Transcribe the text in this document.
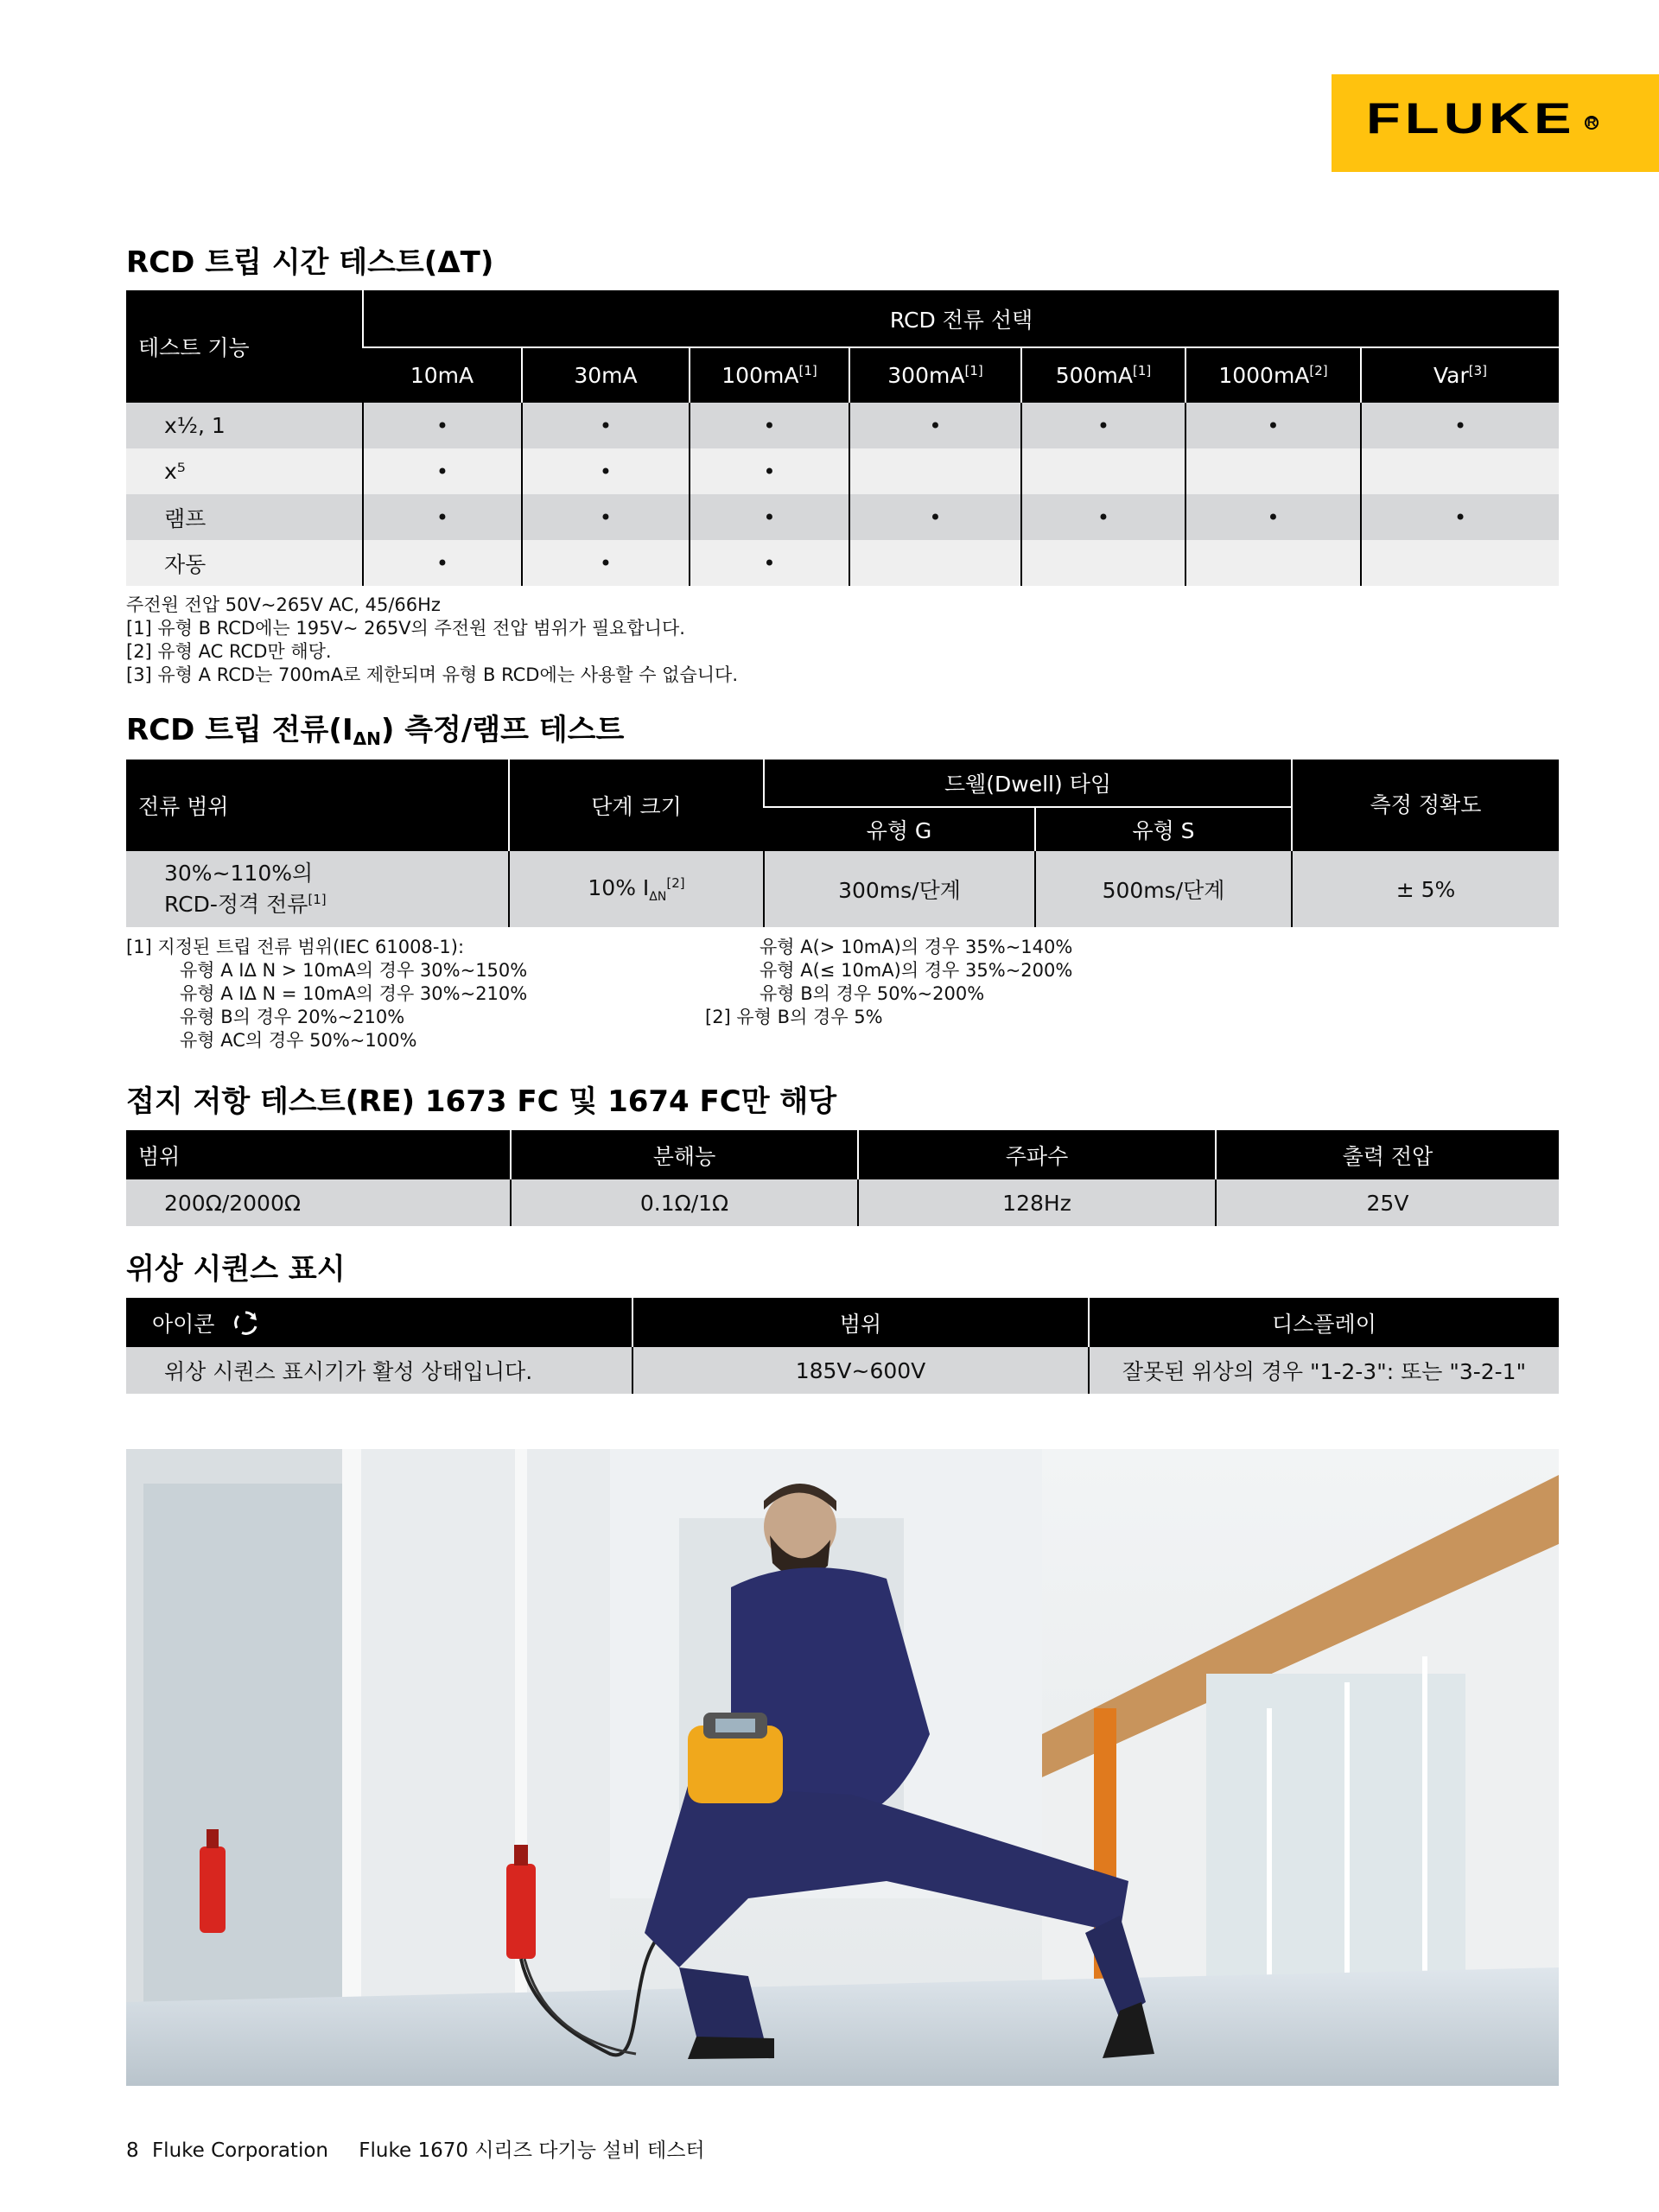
FLUKE R
RCD 트립 시간 테스트(ΔT)
테스트 기능	RCD 전류 선택						
	10mA	30mA	100mA[1]	300mA[1]	500mA[1]	1000mA[2]	Var[3]
x½, 1	•	•	•	•	•	•	•
x⁵	•	•	•				
램프	•	•	•	•	•	•	•
자동	•	•	•				
주전원 전압 50V~265V AC, 45/66Hz
[1] 유형 B RCD에는 195V~ 265V의 주전원 전압 범위가 필요합니다.
[2] 유형 AC RCD만 해당.
[3] 유형 A RCD는 700mA로 제한되며 유형 B RCD에는 사용할 수 없습니다.
RCD 트립 전류$(I_{\Delta N})$ 측정/램프 테스트
전류 범위	단계 크기	드웰(Dwell) 타임		측정 정확도
		유형 G	유형 S	

30%~110%의
RCD-정격 전류[1]	10% $I_{\Delta N}[2]$	300ms/단계	500ms/단계	± 5%
[1] 지정된 트립 전류 범위(IEC 61008-1):
유형 A IΔ N > 10mA의 경우 30%~150%
유형 A IΔ N = 10mA의 경우 30%~210%
유형 B의 경우 20%~210%
유형 AC의 경우 50%~100%
유형 A(> 10mA)의 경우 35%~140%
유형 A(≤ 10mA)의 경우 35%~200%
유형 B의 경우 50%~200%
[2] 유형 B의 경우 5%
접지 저항 테스트(RE) 1673 FC 및 1674 FC만 해당
범위	분해능	주파수	출력 전압
200Ω/2000Ω	0.1Ω/1Ω	128Hz	25V
위상 시퀀스 표시
아이콘	범위	디스플레이
위상 시퀀스 표시기가 활성 상태입니다.	185V~600V	잘못된 위상의 경우 "1-2-3": 또는 "3-2-1"
8 Fluke Corporation Fluke 1670 시리즈 다기능 설비 테스터
